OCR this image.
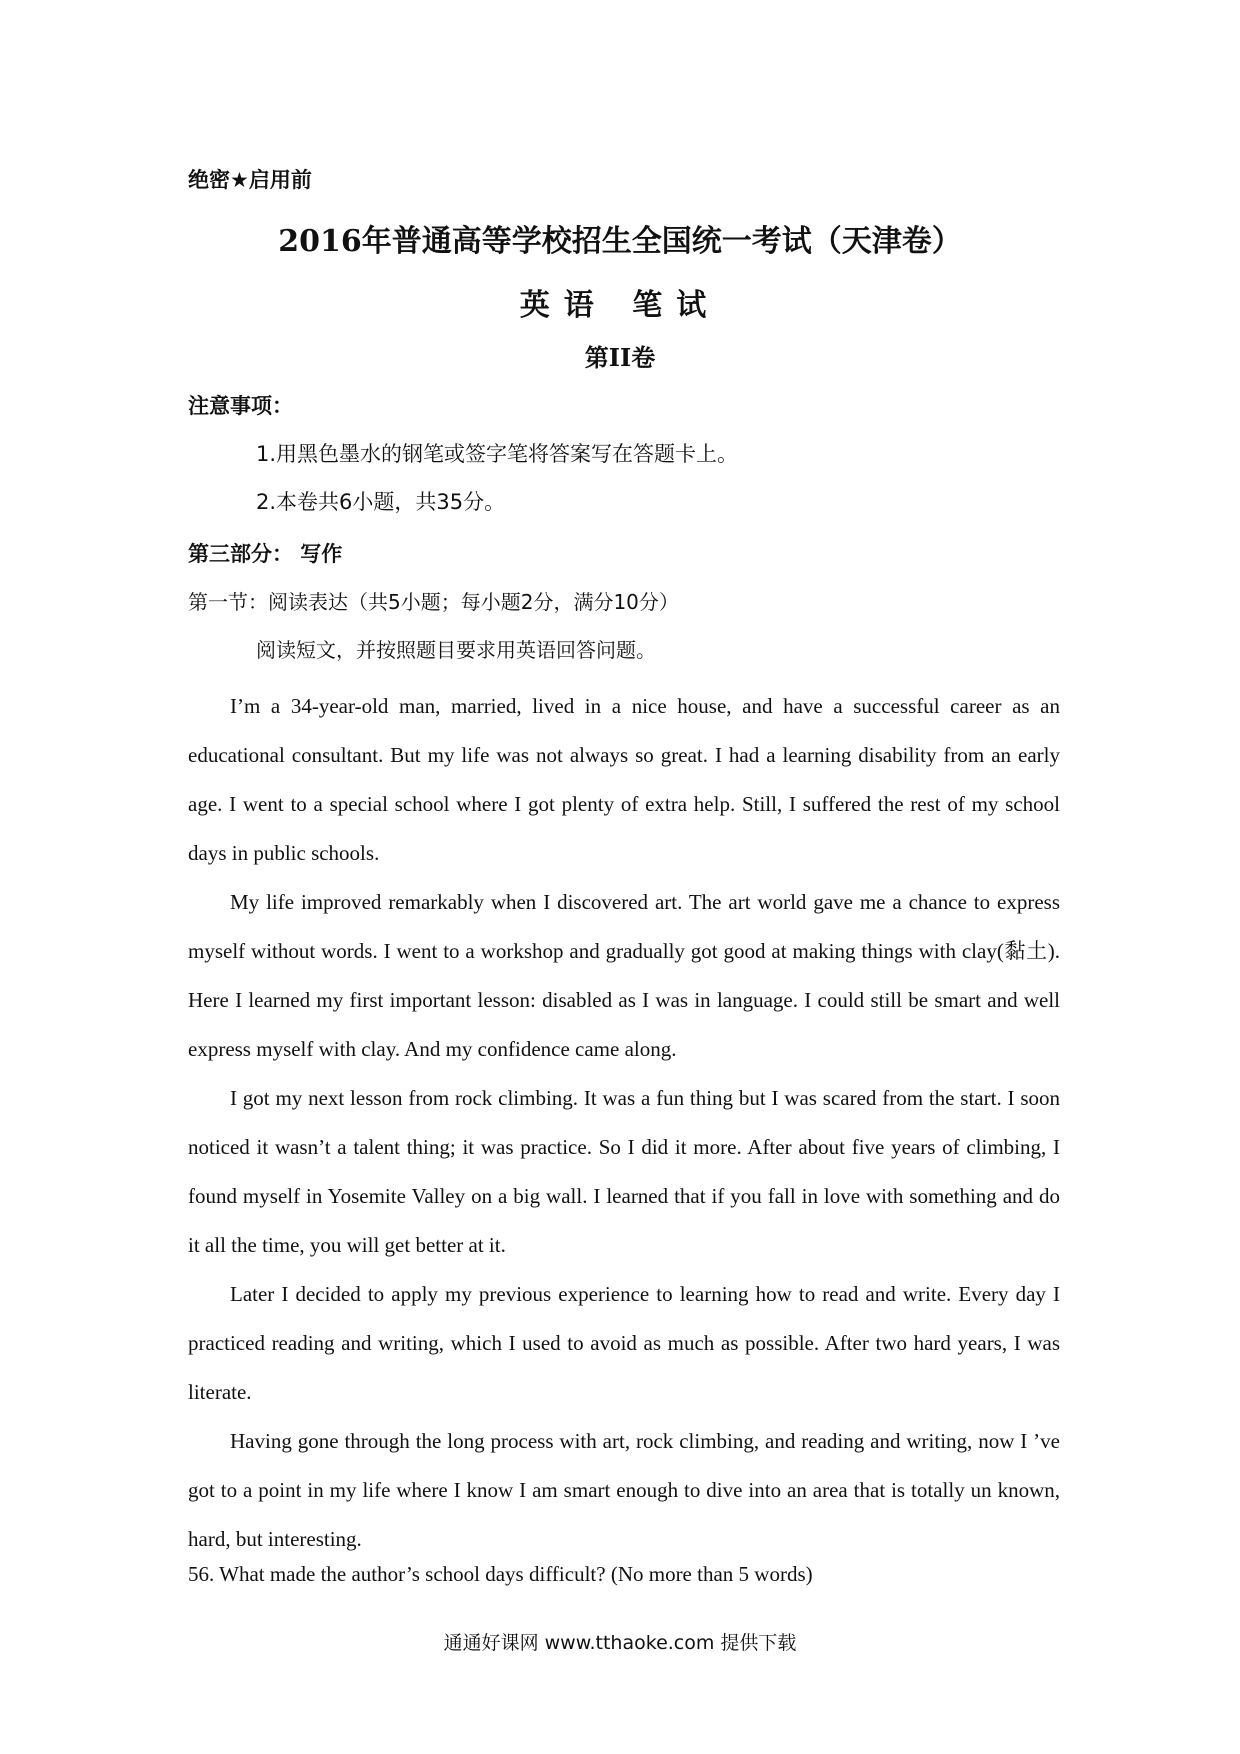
绝密★启用前
2016年普通高等学校招生全国统一考试（天津卷）
英语 笔试
第II卷
注意事项：
1.用黑色墨水的钢笔或签字笔将答案写在答题卡上。
2.本卷共6小题，共35分。
第三部分： 写作
第一节：阅读表达（共5小题；每小题2分，满分10分）
阅读短文，并按照题目要求用英语回答问题。

I’m a 34-year-old man, married, lived in a nice house, and have a successful career as an educational consultant. But my life was not always so great. I had a learning disability from an early age. I went to a special school where I got plenty of extra help. Still, I suffered the rest of my school days in public schools.

My life improved remarkably when I discovered art. The art world gave me a chance to express myself without words. I went to a workshop and gradually got good at making things with clay(黏土). Here I learned my first important lesson: disabled as I was in language. I could still be smart and well express myself with clay. And my confidence came along.

I got my next lesson from rock climbing. It was a fun thing but I was scared from the start. I soon noticed it wasn’t a talent thing; it was practice. So I did it more. After about five years of climbing, I found myself in Yosemite Valley on a big wall. I learned that if you fall in love with something and do it all the time, you will get better at it.

Later I decided to apply my previous experience to learning how to read and write. Every day I practiced reading and writing, which I used to avoid as much as possible. After two hard years, I was literate.

Having gone through the long process with art, rock climbing, and reading and writing, now I ’ve got to a point in my life where I know I am smart enough to dive into an area that is totally un known, hard, but interesting.

56. What made the author’s school days difficult? (No more than 5 words)
通通好课网 www.tthaoke.com 提供下载
